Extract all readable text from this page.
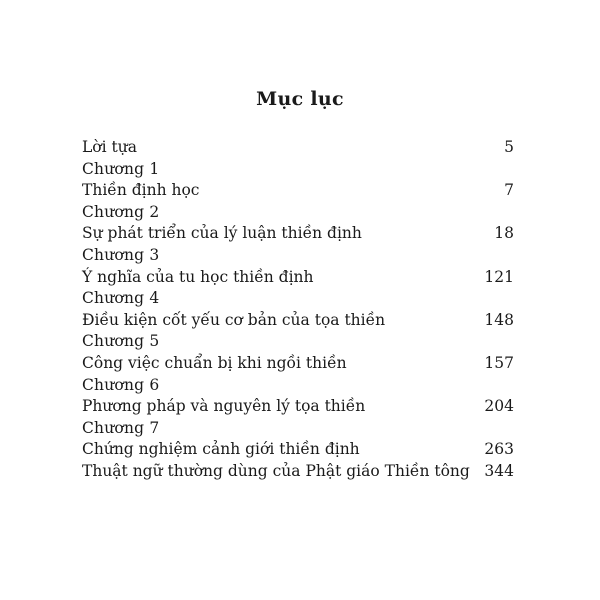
Mục lục
Lời tựa	5
Chương 1
Thiền định học	7
Chương 2
Sự phát triển của lý luận thiền định	18
Chương 3
Ý nghĩa của tu học thiền định	121
Chương 4
Điều kiện cốt yếu cơ bản của tọa thiền	148
Chương 5
Công việc chuẩn bị khi ngồi thiền	157
Chương 6
Phương pháp và nguyên lý tọa thiền	204
Chương 7
Chứng nghiệm cảnh giới thiền định	263
Thuật ngữ thường dùng của Phật giáo Thiền tông 344
